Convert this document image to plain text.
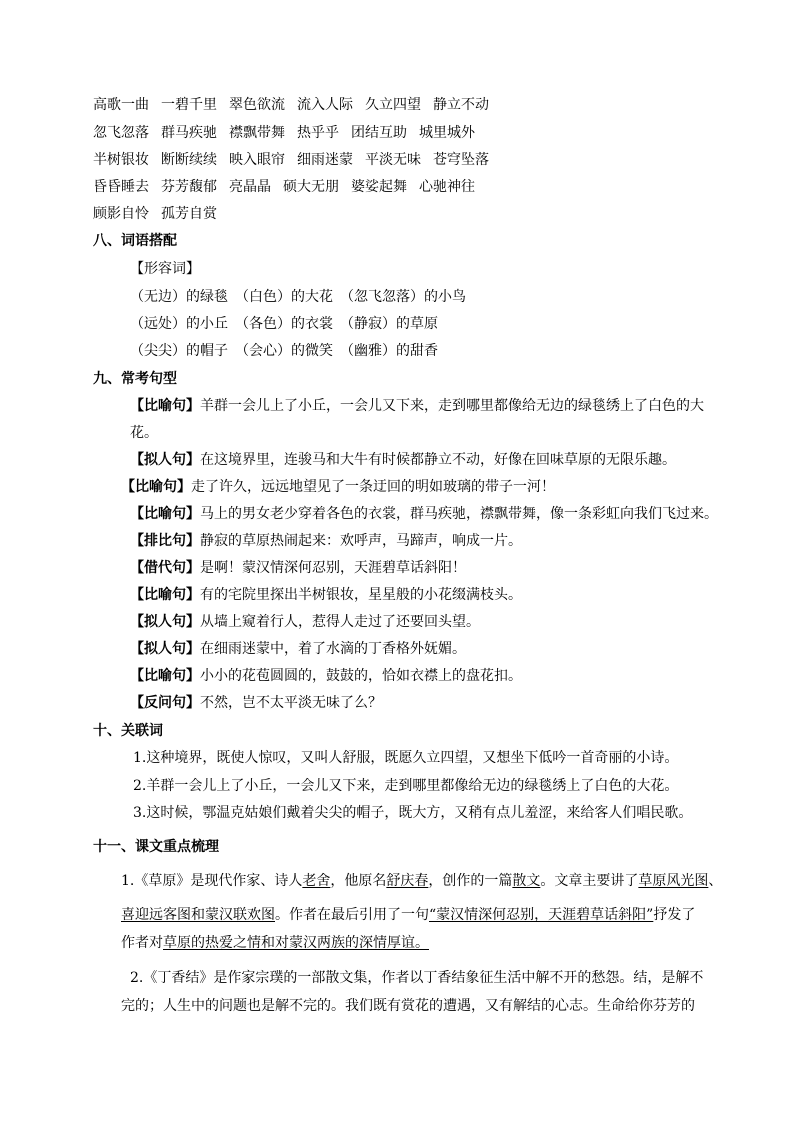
高歌一曲 一碧千里 翠色欲流 流入人际 久立四望 静立不动
忽飞忽落 群马疾驰 襟飘带舞 热乎乎 团结互助 城里城外
半树银妆 断断续续 映入眼帘 细雨迷蒙 平淡无味 苍穹坠落
昏昏睡去 芬芳馥郁 亮晶晶 硕大无朋 婆娑起舞 心驰神往
顾影自怜 孤芳自赏
八、词语搭配
【形容词】
（无边）的绿毯　（白色）的大花　（忽飞忽落）的小鸟
（远处）的小丘　（各色）的衣裳　（静寂）的草原
（尖尖）的帽子　（会心）的微笑　（幽雅）的甜香
九、常考句型
【比喻句】羊群一会儿上了小丘，一会儿又下来，走到哪里都像给无边的绿毯绣上了白色的大
花。
【拟人句】在这境界里，连骏马和大牛有时候都静立不动，好像在回味草原的无限乐趣。
【比喻句】走了许久，远远地望见了一条迂回的明如玻璃的带子一河！
【比喻句】马上的男女老少穿着各色的衣裳，群马疾驰，襟飘带舞，像一条彩虹向我们飞过来。
【排比句】静寂的草原热闹起来：欢呼声，马蹄声，响成一片。
【借代句】是啊！蒙汉情深何忍别，天涯碧草话斜阳！
【比喻句】有的宅院里探出半树银妆，星星般的小花缀满枝头。
【拟人句】从墙上窥着行人，惹得人走过了还要回头望。
【拟人句】在细雨迷蒙中，着了水滴的丁香格外妩媚。
【比喻句】小小的花苞圆圆的，鼓鼓的，恰如衣襟上的盘花扣。
【反问句】不然，岂不太平淡无味了么？
十、关联词
1.这种境界，既使人惊叹，又叫人舒服，既愿久立四望，又想坐下低吟一首奇丽的小诗。
2.羊群一会儿上了小丘，一会儿又下来，走到哪里都像给无边的绿毯绣上了白色的大花。
3.这时候，鄂温克姑娘们戴着尖尖的帽子，既大方，又稍有点儿羞涩，来给客人们唱民歌。
十一、课文重点梳理
1.《草原》是现代作家、诗人老舍，他原名舒庆春，创作的一篇散文。文章主要讲了草原风光图、
喜迎远客图和蒙汉联欢图。作者在最后引用了一句“蒙汉情深何忍别，天涯碧草话斜阳”抒发了
作者对草原的热爱之情和对蒙汉两族的深情厚谊。
2.《丁香结》是作家宗璞的一部散文集，作者以丁香结象征生活中解不开的愁怨。结，是解不
完的；人生中的问题也是解不完的。我们既有赏花的遭遇，又有解结的心志。生命给你芬芳的
